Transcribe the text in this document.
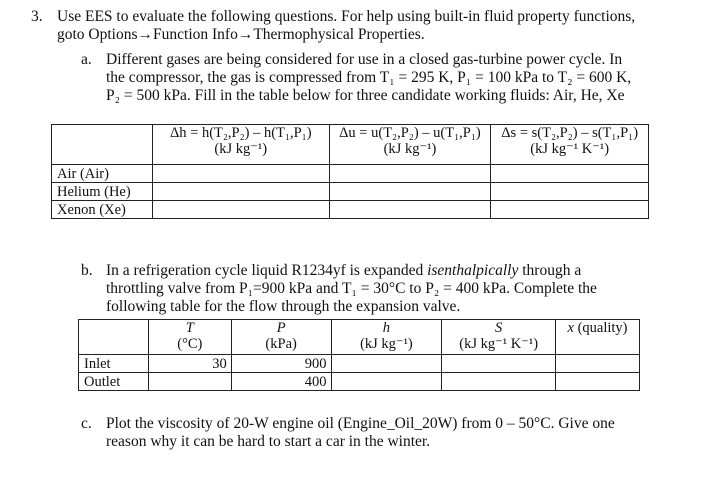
3. Use EES to evaluate the following questions. For help using built-in fluid property functions,
goto Options→Function Info→Thermophysical Properties.
a. Different gases are being considered for use in a closed gas-turbine power cycle. In
the compressor, the gas is compressed from T₁ = 295 K, P₁ = 100 kPa to T₂ = 600 K,
P₂ = 500 kPa. Fill in the table below for three candidate working fluids: Air, He, Xe

	Δh = h(T₂,P₂) – h(T₁,P₁)
(kJ kg⁻¹)	Δu = u(T₂,P₂) – u(T₁,P₁)
(kJ kg⁻¹)	Δs = s(T₂,P₂) – s(T₁,P₁)
(kJ kg⁻¹ K⁻¹)

Air (Air)			
Helium (He)			
Xenon (Xe)			
b. In a refrigeration cycle liquid R1234yf is expanded isenthalpically through a
throttling valve from P₁=900 kPa and T₁ = 30°C to P₂ = 400 kPa. Complete the
following table for the flow through the expansion valve.

	T
(°C)	P
(kPa)	h
(kJ kg⁻¹)	S
(kJ kg⁻¹ K⁻¹)	x (quality)
Inlet	30	900			
Outlet		400			
c. Plot the viscosity of 20-W engine oil (Engine_Oil_20W) from 0 – 50°C. Give one
reason why it can be hard to start a car in the winter.
